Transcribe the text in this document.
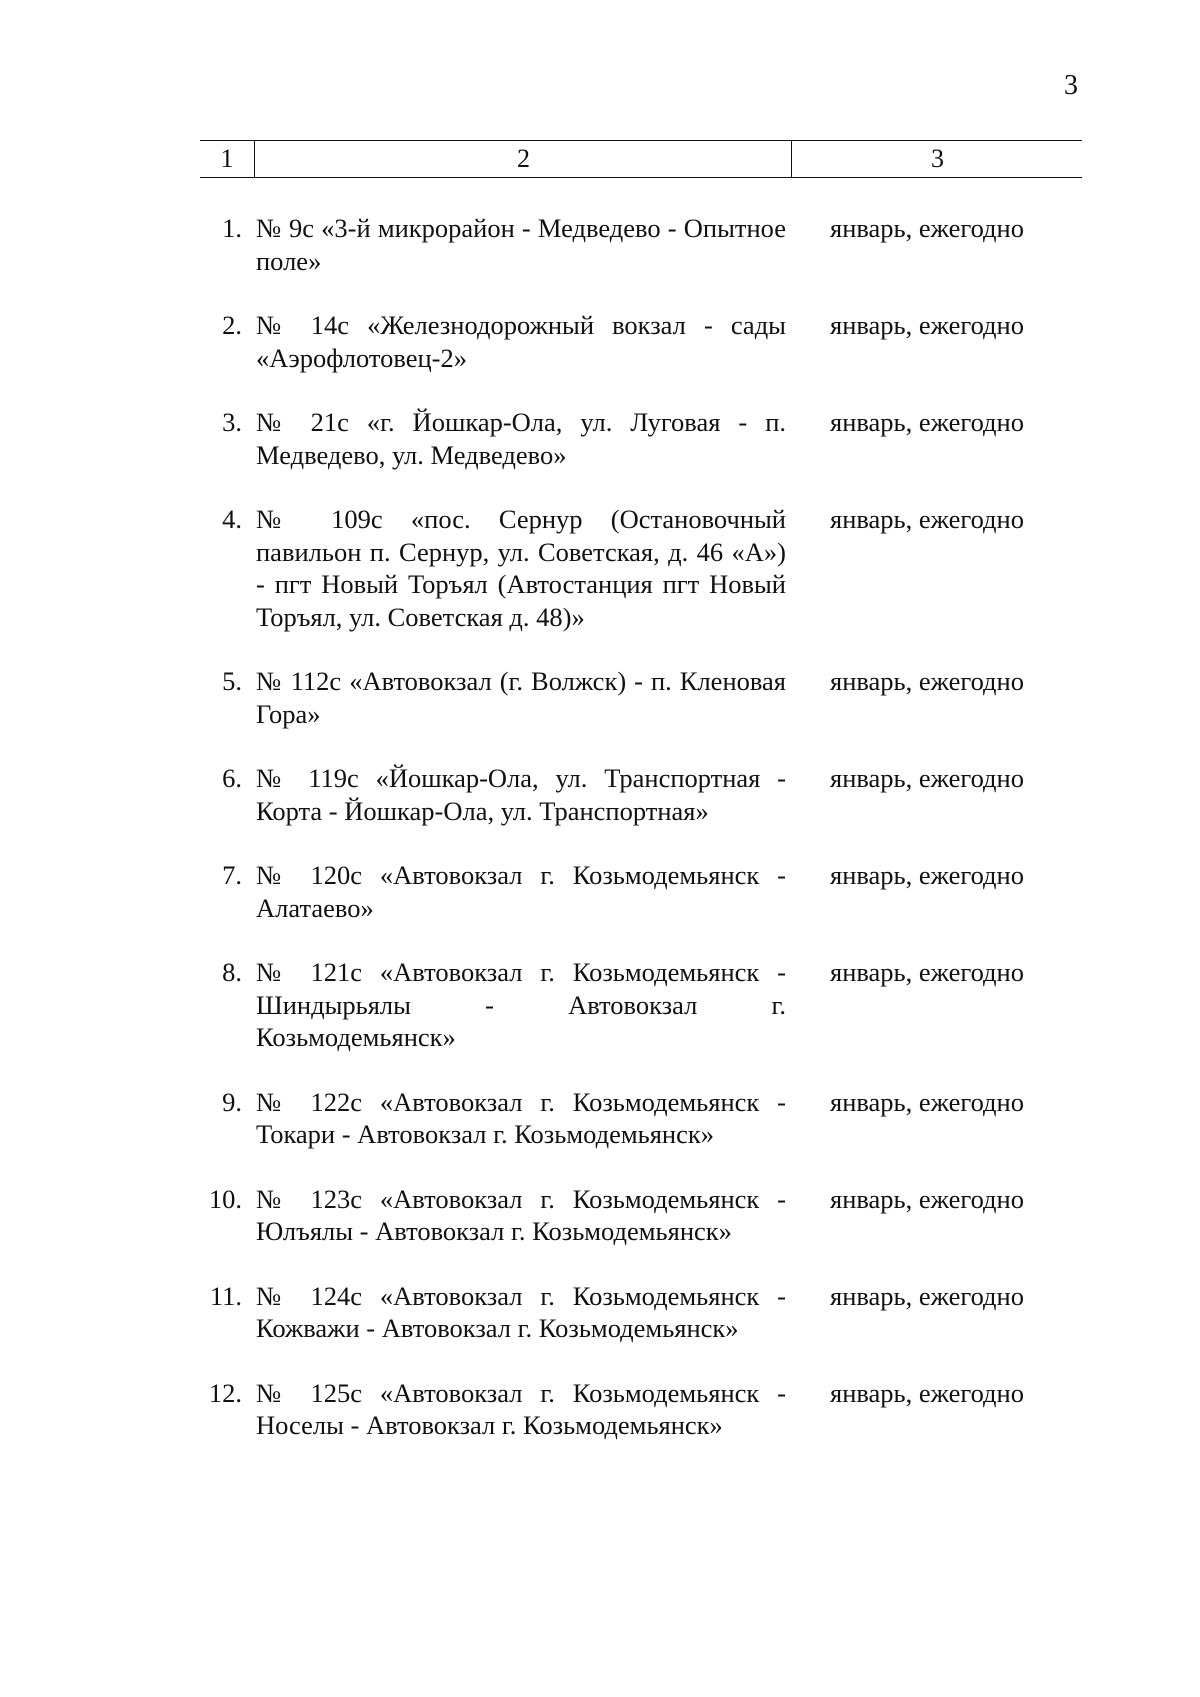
3
1	2	3
1. № 9с «3-й микрорайон - Медведево - Опытное поле»
январь, ежегодно
2. № 14с «Железнодорожный вокзал - сады «Аэрофлотовец-2»
январь, ежегодно
3. № 21с «г. Йошкар-Ола, ул. Луговая - п. Медведево, ул. Медведево»
январь, ежегодно
4. № 109с «пос. Сернур (Остановочный павильон п. Сернур, ул. Советская, д. 46 «А») - пгт Новый Торъял (Автостанция пгт Новый Торъял, ул. Советская д. 48)»
январь, ежегодно
5. № 112с «Автовокзал (г. Волжск) - п. Кленовая Гора»
январь, ежегодно
6. № 119с «Йошкар-Ола, ул. Транспортная - Корта - Йошкар-Ола, ул. Транспортная»
январь, ежегодно
7. № 120с «Автовокзал г. Козьмодемьянск - Алатаево»
январь, ежегодно
8. № 121с «Автовокзал г. Козьмодемьянск - Шиндырьялы - Автовокзал г. Козьмодемьянск»
январь, ежегодно
9. № 122с «Автовокзал г. Козьмодемьянск - Токари - Автовокзал г. Козьмодемьянск»
январь, ежегодно
10. № 123с «Автовокзал г. Козьмодемьянск - Юлъялы - Автовокзал г. Козьмодемьянск»
январь, ежегодно
11. № 124с «Автовокзал г. Козьмодемьянск - Кожважи - Автовокзал г. Козьмодемьянск»
январь, ежегодно
12. № 125с «Автовокзал г. Козьмодемьянск - Носелы - Автовокзал г. Козьмодемьянск»
январь, ежегодно
